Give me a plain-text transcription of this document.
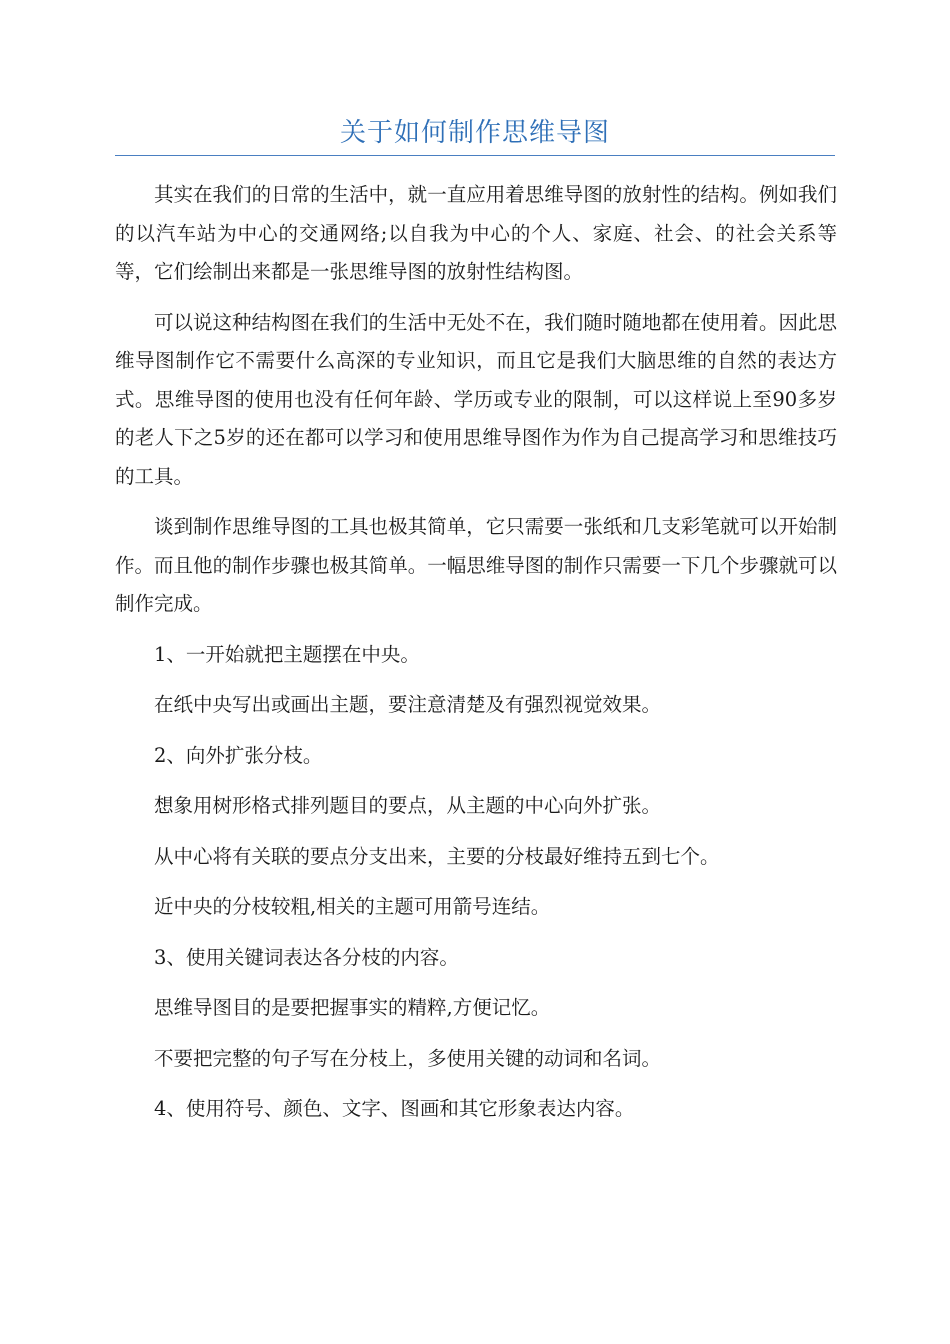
关于如何制作思维导图

其实在我们的日常的生活中，就一直应用着思维导图的放射性的结构。例如我们的以汽车站为中心的交通网络;以自我为中心的个人、家庭、社会、的社会关系等等，它们绘制出来都是一张思维导图的放射性结构图。

可以说这种结构图在我们的生活中无处不在，我们随时随地都在使用着。因此思维导图制作它不需要什么高深的专业知识，而且它是我们大脑思维的自然的表达方式。思维导图的使用也没有任何年龄、学历或专业的限制，可以这样说上至90多岁的老人下之5岁的还在都可以学习和使用思维导图作为作为自己提高学习和思维技巧的工具。

谈到制作思维导图的工具也极其简单，它只需要一张纸和几支彩笔就可以开始制作。而且他的制作步骤也极其简单。一幅思维导图的制作只需要一下几个步骤就可以制作完成。

1、一开始就把主题摆在中央。

在纸中央写出或画出主题，要注意清楚及有强烈视觉效果。

2、向外扩张分枝。

想象用树形格式排列题目的要点，从主题的中心向外扩张。

从中心将有关联的要点分支出来，主要的分枝最好维持五到七个。

近中央的分枝较粗,相关的主题可用箭号连结。

3、使用关键词表达各分枝的内容。

思维导图目的是要把握事实的精粹,方便记忆。

不要把完整的句子写在分枝上，多使用关键的动词和名词。

4、使用符号、颜色、文字、图画和其它形象表达内容。
